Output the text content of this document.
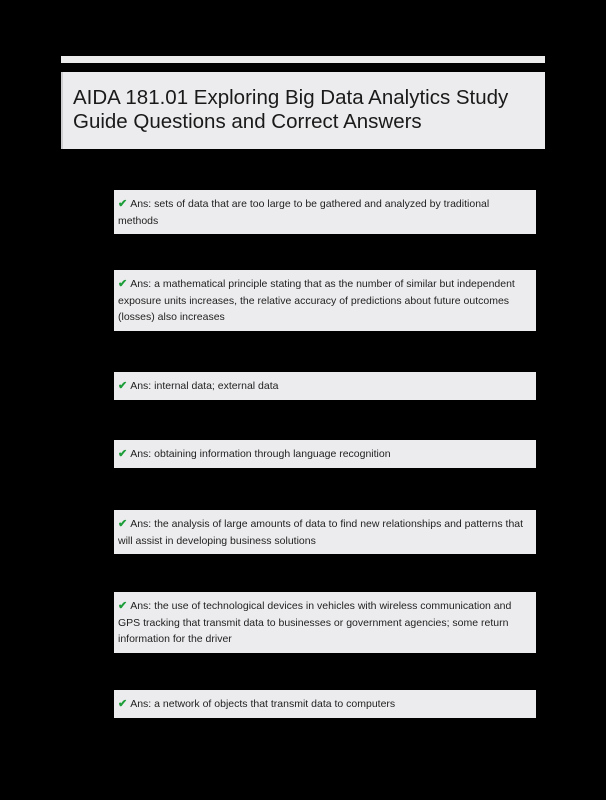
AIDA 181.01 Exploring Big Data Analytics Study Guide Questions and Correct Answers
✔ Ans: sets of data that are too large to be gathered and analyzed by traditional methods
✔ Ans: a mathematical principle stating that as the number of similar but independent exposure units increases, the relative accuracy of predictions about future outcomes (losses) also increases
✔ Ans: internal data; external data
✔ Ans: obtaining information through language recognition
✔ Ans: the analysis of large amounts of data to find new relationships and patterns that will assist in developing business solutions
✔ Ans: the use of technological devices in vehicles with wireless communication and GPS tracking that transmit data to businesses or government agencies; some return information for the driver
✔ Ans: a network of objects that transmit data to computers
